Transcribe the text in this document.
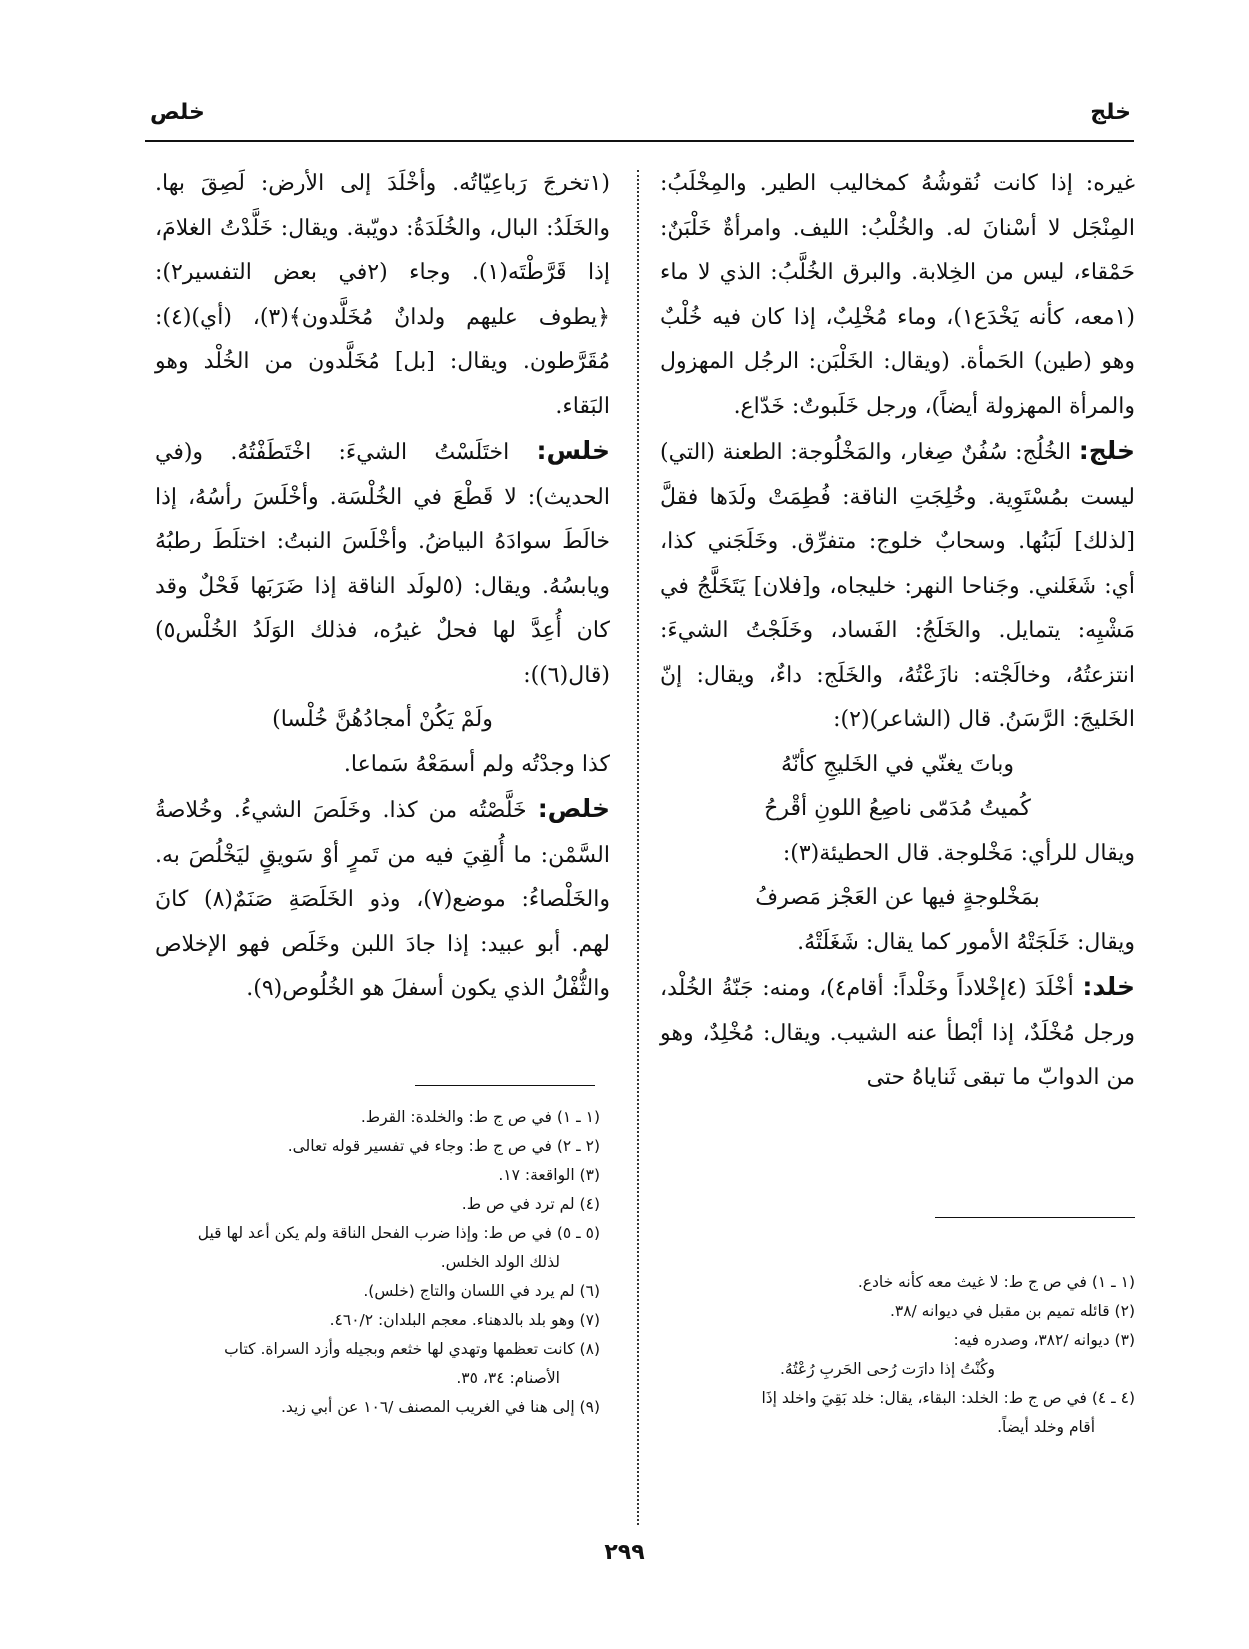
خلج
خلص

غيره: إذا كانت نُقوشُهُ كمخاليب الطير. والمِخْلَبُ: المِنْجَل لا أسْنانَ له. والخُلْبُ: الليف. وامرأةٌ خَلْبَنٌ: حَمْقاء، ليس من الخِلابة. والبرق الخُلَّبُ: الذي لا ماء (١معه، كأنه يَخْدَع١)، وماء مُخْلِبٌ، إذا كان فيه خُلْبٌ وهو (طين) الحَمأة. (ويقال: الخَلْبَن: الرجُل المهزول والمرأة المهزولة أيضاً)، ورجل خَلَبوتٌ: خَدّاع.

خلج: الخُلُج: سُفُنٌ صِغار، والمَخْلُوجة: الطعنة (التي) ليست بمُسْتَوِية. وخُلِجَتِ الناقة: فُطِمَتْ ولَدَها فقلَّ [لذلك] لَبَنُها. وسحابٌ خلوج: متفرِّق. وخَلَجَني كذا، أي: شَغَلني. وجَناحا النهر: خليجاه، و[فلان] يَتَخَلَّجُ في مَشْيِه: يتمايل. والخَلَجُ: الفَساد، وخَلَجْتُ الشيءَ: انتزعتُهُ، وخالَجْته: نازَعْتُهُ، والخَلَج: داءٌ، ويقال: إنّ الخَليجَ: الرَّسَنُ. قال (الشاعر)(٢):

وباتَ يغنّي في الخَليجِ كأنّهُ

كُميتُ مُدَمّى ناصِعُ اللونِ أقْرحُ

ويقال للرأي: مَخْلوجة. قال الحطيئة(٣):

بمَخْلوجةٍ فيها عن العَجْز مَصرفُ

ويقال: خَلَجَتْهُ الأمور كما يقال: شَغَلَتْهُ.

خلد: أخْلَدَ (٤إخْلاداً وخَلْداً: أقام٤)، ومنه: جَنّةُ الخُلْد، ورجل مُخْلَدٌ، إذا أبْطأ عنه الشيب. ويقال: مُخْلِدٌ، وهو من الدوابّ ما تبقى ثَناياهُ حتى

(١تخرجَ رَباعِيّاتُه. وأخْلَدَ إلى الأرض: لَصِقَ بها. والخَلَدُ: البال، والخُلَدَةُ: دويّبة. ويقال: خَلَّدْتُ الغلامَ، إذا قَرَّطْتَه(١). وجاء (٢في بعض التفسير٢): ﴿يطوف عليهم ولدانٌ مُخَلَّدون﴾(٣)، (أي)(٤): مُقَرَّطون. ويقال: [بل] مُخَلَّدون من الخُلْد وهو البَقاء.

خلس: اختَلَسْتُ الشيءَ: اخْتَطَفْتُهُ. و(في الحديث): لا قَطْعَ في الخُلْسَة. وأخْلَسَ رأسُهُ، إذا خالَطَ سوادَهُ البياضُ. وأخْلَسَ النبتُ: اختلَطَ رطبُهُ ويابسُهُ. ويقال: (٥لولَد الناقة إذا ضَرَبَها فَحْلٌ وقد كان أُعِدَّ لها فحلٌ غيرُه، فذلك الوَلَدُ الخُلْس٥) (قال(٦)):

ولَمْ يَكُنْ أمجادُهُنَّ خُلْسا)

كذا وجدْتُه ولم أسمَعْهُ سَماعا.

خلص: خَلَّصْتُه من كذا. وخَلَصَ الشيءُ. وخُلاصةُ السَّمْن: ما أُلقِيَ فيه من تَمرٍ أوْ سَويقٍ ليَخْلُصَ به. والخَلْصاءُ: موضع(٧)، وذو الخَلَصَةِ صَنَمٌ(٨) كانَ لهم. أبو عبيد: إذا جادَ اللبن وخَلَص فهو الإخلاص والثُّفْلُ الذي يكون أسفلَ هو الخُلُوص(٩).

(١ ـ ١) في ص ج ط: لا غيث معه كأنه خادع.

(٢) قائله تميم بن مقبل في ديوانه /٣٨.

(٣) ديوانه /٣٨٢، وصدره فيه:

وكُنْتُ إذا دارَت رُحى الحَربِ رُعْتُهُ.

(٤ ـ ٤) في ص ج ط: الخلد: البقاء، يقال: خلد بَقِيَ واخلد إذَا

أقام وخلد أيضاً.

(١ ـ ١) في ص ج ط: والخلدة: القرط.

(٢ ـ ٢) في ص ج ط: وجاء في تفسير قوله تعالى.

(٣) الواقعة: ١٧.

(٤) لم ترد في ص ط.

(٥ ـ ٥) في ص ط: وإذا ضرب الفحل الناقة ولم يكن أعد لها قيل

لذلك الولد الخلس.

(٦) لم يرد في اللسان والتاج (خلس).

(٧) وهو بلد بالدهناء. معجم البلدان: ٤٦٠/٢.

(٨) كانت تعظمها وتهدي لها خثعم وبجيله وأزد السراة. كتاب

الأصنام: ٣٤، ٣٥.

(٩) إلى هنا في الغريب المصنف /١٠٦ عن أبي زيد.

٢٩٩
